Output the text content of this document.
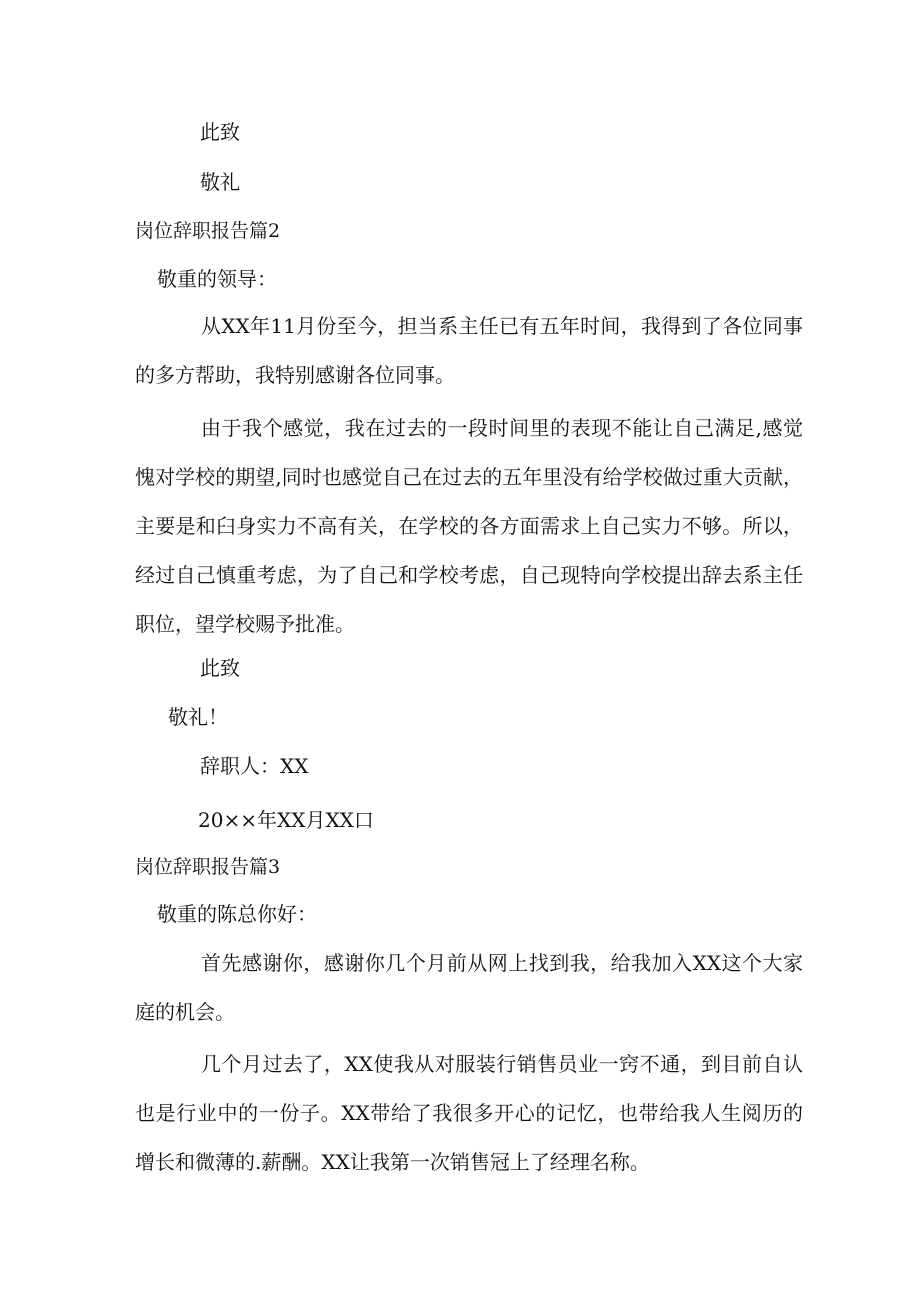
此致
敬礼
岗位辞职报告篇2
敬重的领导：
从XX年11月份至今，担当系主任已有五年时间，我得到了各位同事的多方帮助，我特别感谢各位同事。
由于我个感觉，我在过去的一段时间里的表现不能让自己满足,感觉愧对学校的期望,同时也感觉自己在过去的五年里没有给学校做过重大贡献，主要是和臼身实力不高有关，在学校的各方面需求上自己实力不够。所以，经过自己慎重考虑，为了自己和学校考虑，自己现特向学校提出辞去系主任职位，望学校赐予批准。
此致
敬礼！
辞职人：XX
20××年XX月XX口
岗位辞职报告篇3
敬重的陈总你好：
首先感谢你，感谢你几个月前从网上找到我，给我加入XX这个大家庭的机会。
几个月过去了，XX使我从对服装行销售员业一窍不通，到目前自认也是行业中的一份子。XX带给了我很多开心的记忆，也带给我人生阅历的增长和微薄的.薪酬。XX让我第一次销售冠上了经理名称。
